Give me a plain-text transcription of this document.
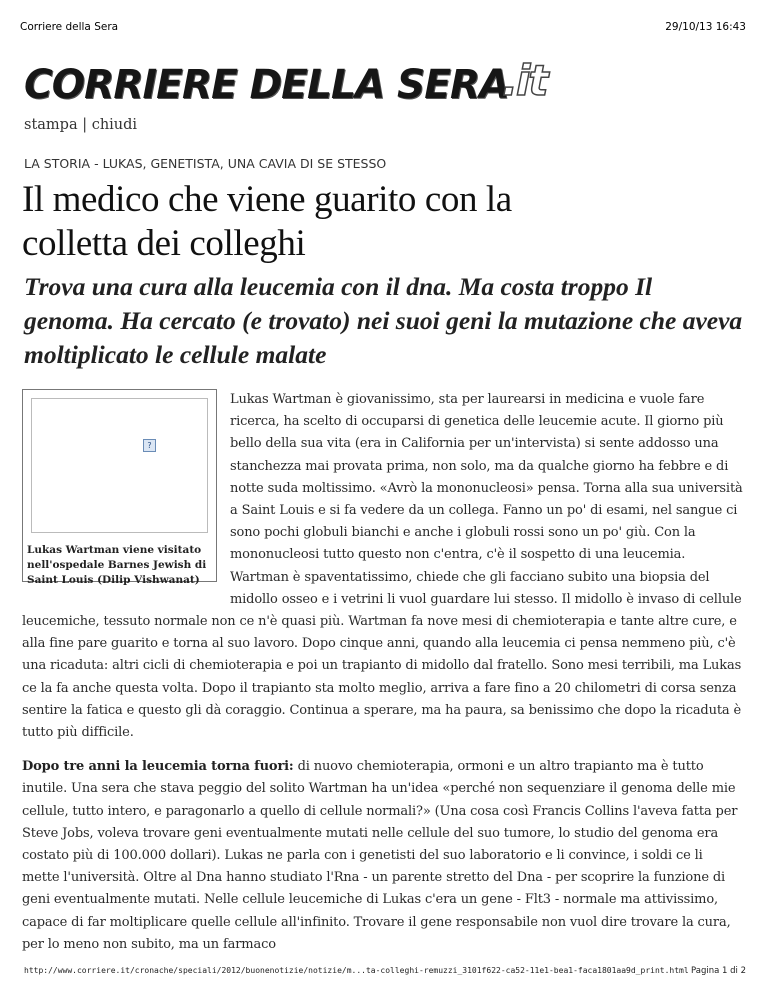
Corriere della Sera	29/10/13 16:43
CORRIERE DELLA SERA
.it
stampa | chiudi
LA STORIA - LUKAS, GENETISTA, UNA CAVIA DI SE STESSO
Il medico che viene guarito con la colletta dei colleghi
Trova una cura alla leucemia con il dna. Ma costa troppo Il genoma. Ha cercato (e trovato) nei suoi geni la mutazione che aveva moltiplicato le cellule malate

Lukas Wartman è giovanissimo, sta per laurearsi in medicina e vuole fare ricerca, ha scelto di occuparsi di genetica delle leucemie acute. Il giorno più bello della sua vita (era in California per un'intervista) si sente addosso una stanchezza mai provata prima, non solo, ma da qualche giorno ha febbre e di notte suda moltissimo. «Avrò la mononucleosi» pensa. Torna alla sua università a Saint Louis e si fa vedere da un collega. Fanno un po' di esami, nel sangue ci sono pochi globuli bianchi e anche i globuli rossi sono un po' giù. Con la mononucleosi tutto questo non c'entra, c'è il sospetto di una leucemia.
Wartman è spaventatissimo, chiede che gli facciano subito una biopsia del midollo osseo e i vetrini li vuol guardare lui stesso. Il midollo è invaso di cellule leucemiche, tessuto normale non ce n'è quasi più. Wartman fa nove mesi di chemioterapia e tante altre cure, e alla fine pare guarito e torna al suo lavoro. Dopo cinque anni, quando alla leucemia ci pensa nemmeno più, c'è una ricaduta: altri cicli di chemioterapia e poi un trapianto di midollo dal fratello. Sono mesi terribili, ma Lukas ce la fa anche questa volta. Dopo il trapianto sta molto meglio, arriva a fare fino a 20 chilometri di corsa senza sentire la fatica e questo gli dà coraggio. Continua a sperare, ma ha paura, sa benissimo che dopo la ricaduta è tutto più difficile.

Dopo tre anni la leucemia torna fuori: di nuovo chemioterapia, ormoni e un altro trapianto ma è tutto inutile. Una sera che stava peggio del solito Wartman ha un'idea «perché non sequenziare il genoma delle mie cellule, tutto intero, e paragonarlo a quello di cellule normali?» (Una cosa così Francis Collins l'aveva fatta per Steve Jobs, voleva trovare geni eventualmente mutati nelle cellule del suo tumore, lo studio del genoma era costato più di 100.000 dollari). Lukas ne parla con i genetisti del suo laboratorio e li convince, i soldi ce li mette l'università. Oltre al Dna hanno studiato l'Rna - un parente stretto del Dna - per scoprire la funzione di geni eventualmente mutati. Nelle cellule leucemiche di Lukas c'era un gene - Flt3 - normale ma attivissimo, capace di far moltiplicare quelle cellule all'infinito. Trovare il gene responsabile non vuol dire trovare la cura, per lo meno non subito, ma un farmaco

?
Lukas Wartman viene visitato nell'ospedale Barnes Jewish di Saint Louis (Dilip Vishwanat)
http://www.corriere.it/cronache/speciali/2012/buonenotizie/notizie/m...ta-colleghi-remuzzi_3101f622-ca52-11e1-bea1-faca1801aa9d_print.html Pagina 1 di 2
